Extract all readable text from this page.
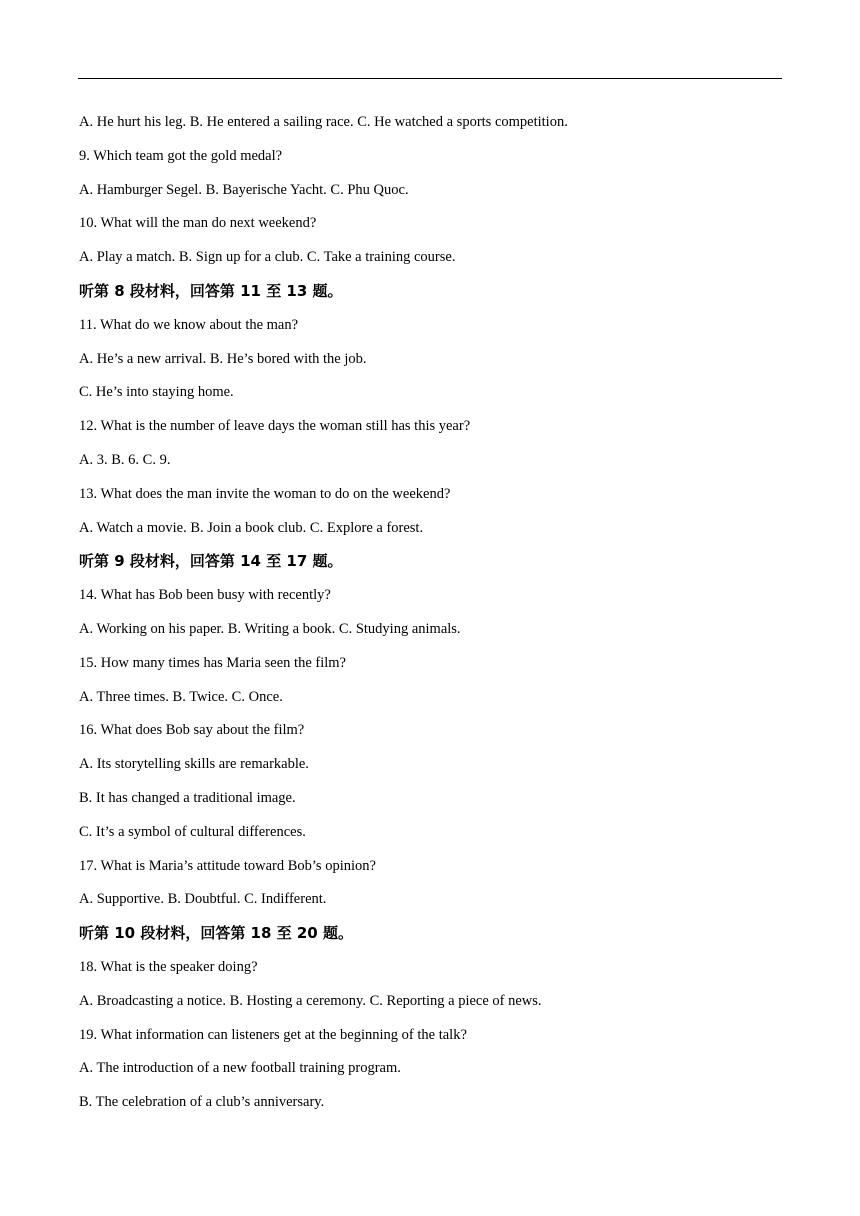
A. He hurt his leg. B. He entered a sailing race. C. He watched a sports competition.
9. Which team got the gold medal?
A. Hamburger Segel. B. Bayerische Yacht. C. Phu Quoc.
10. What will the man do next weekend?
A. Play a match. B. Sign up for a club. C. Take a training course.
听第 8 段材料，回答第 11 至 13 题。
11. What do we know about the man?
A. He’s a new arrival. B. He’s bored with the job.
C. He’s into staying home.
12. What is the number of leave days the woman still has this year?
A. 3. B. 6. C. 9.
13. What does the man invite the woman to do on the weekend?
A. Watch a movie. B. Join a book club. C. Explore a forest.
听第 9 段材料，回答第 14 至 17 题。
14. What has Bob been busy with recently?
A. Working on his paper. B. Writing a book. C. Studying animals.
15. How many times has Maria seen the film?
A. Three times. B. Twice. C. Once.
16. What does Bob say about the film?
A. Its storytelling skills are remarkable.
B. It has changed a traditional image.
C. It’s a symbol of cultural differences.
17. What is Maria’s attitude toward Bob’s opinion?
A. Supportive. B. Doubtful. C. Indifferent.
听第 10 段材料，回答第 18 至 20 题。
18. What is the speaker doing?
A. Broadcasting a notice. B. Hosting a ceremony. C. Reporting a piece of news.
19. What information can listeners get at the beginning of the talk?
A. The introduction of a new football training program.
B. The celebration of a club’s anniversary.
